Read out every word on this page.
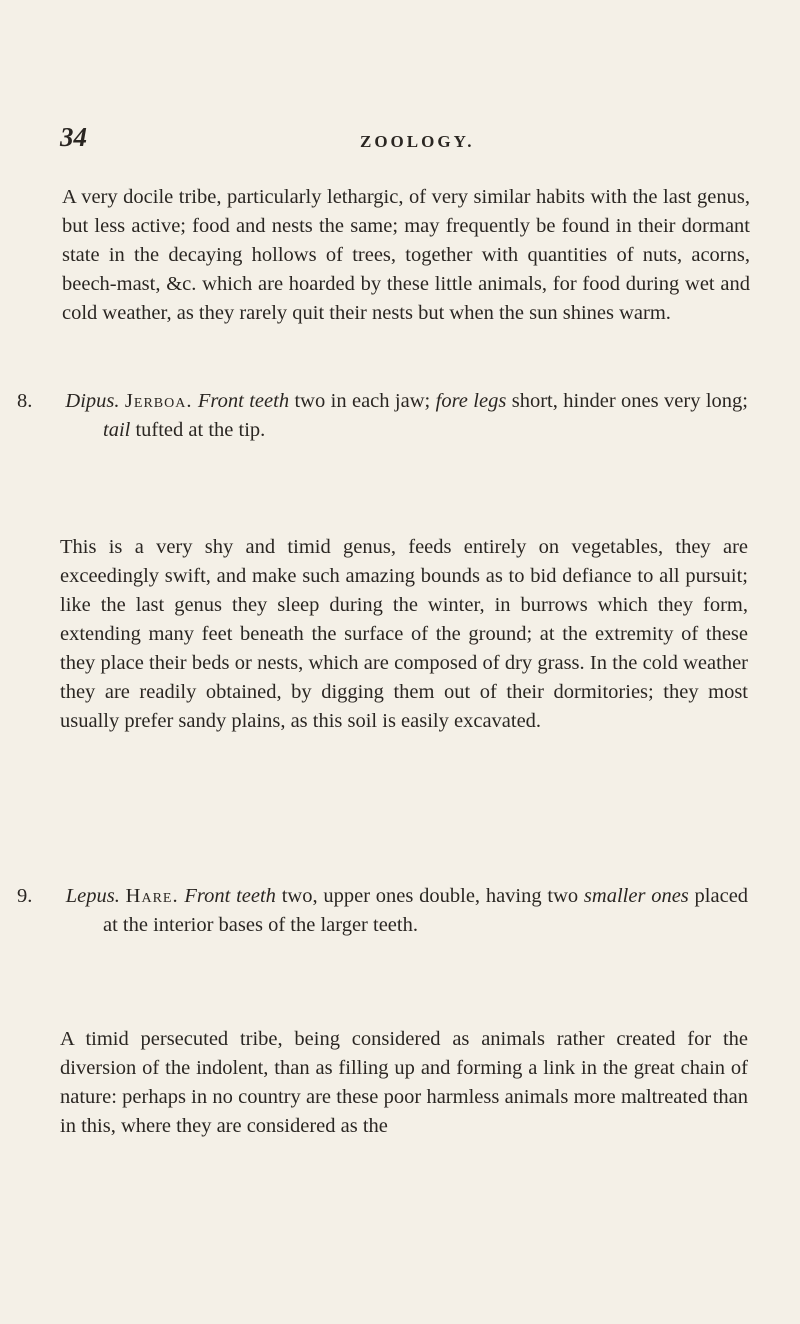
34	ZOOLOGY.

A very docile tribe, particularly lethargic, of very similar habits with the last genus, but less active; food and nests the same; may frequently be found in their dormant state in the decaying hollows of trees, together with quantities of nuts, acorns, beech-mast, &c. which are hoarded by these little animals, for food during wet and cold weather, as they rarely quit their nests but when the sun shines warm.

8. Dipus. Jerboa. Front teeth two in each jaw; fore legs short, hinder ones very long; tail tufted at the tip.

This is a very shy and timid genus, feeds entirely on vegetables, they are exceedingly swift, and make such amazing bounds as to bid defiance to all pursuit; like the last genus they sleep during the winter, in burrows which they form, extending many feet beneath the surface of the ground; at the extremity of these they place their beds or nests, which are composed of dry grass. In the cold weather they are readily obtained, by digging them out of their dormitories; they most usually prefer sandy plains, as this soil is easily excavated.

9. Lepus. Hare. Front teeth two, upper ones double, having two smaller ones placed at the interior bases of the larger teeth.

A timid persecuted tribe, being considered as animals rather created for the diversion of the indolent, than as filling up and forming a link in the great chain of nature: perhaps in no country are these poor harmless animals more maltreated than in this, where they are considered as the
